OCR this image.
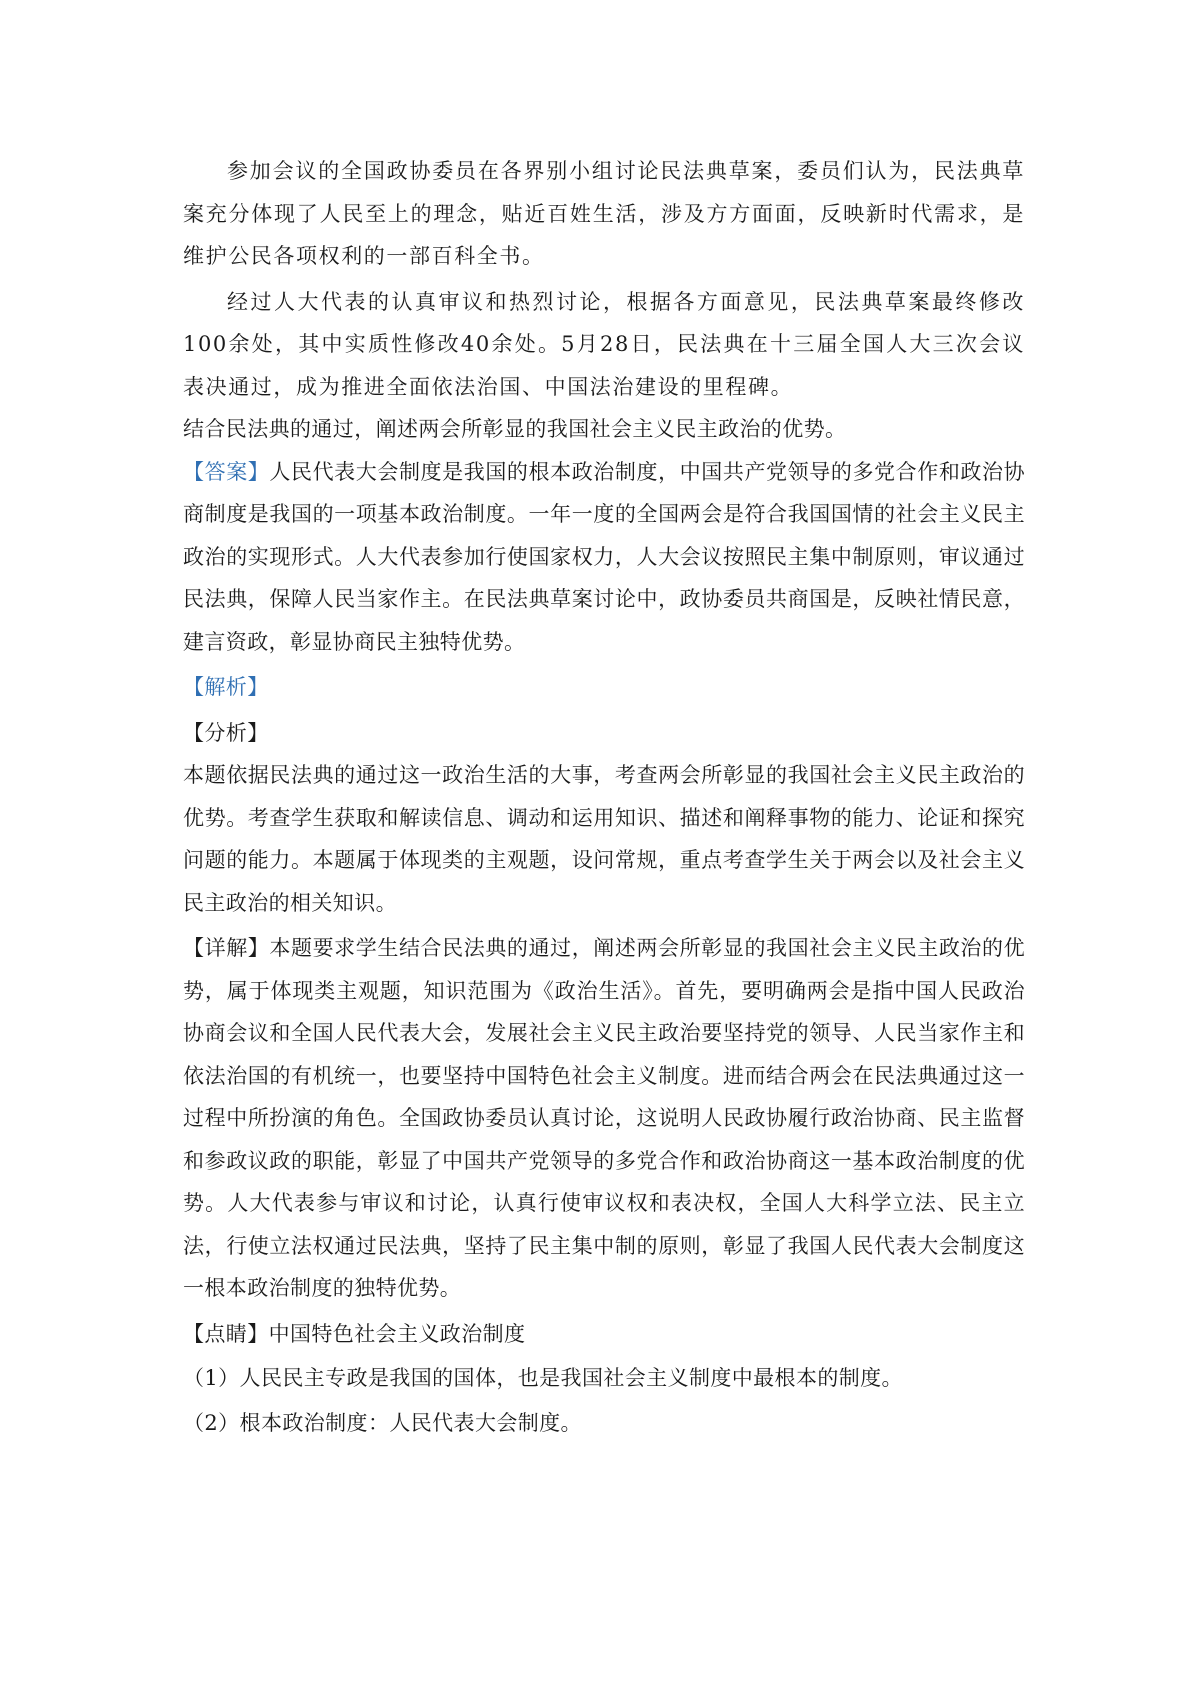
参加会议的全国政协委员在各界别小组讨论民法典草案，委员们认为，民法典草案充分体现了人民至上的理念，贴近百姓生活，涉及方方面面，反映新时代需求，是维护公民各项权利的一部百科全书。

经过人大代表的认真审议和热烈讨论，根据各方面意见，民法典草案最终修改100余处，其中实质性修改40余处。5月28日，民法典在十三届全国人大三次会议表决通过，成为推进全面依法治国、中国法治建设的里程碑。

结合民法典的通过，阐述两会所彰显的我国社会主义民主政治的优势。

【答案】人民代表大会制度是我国的根本政治制度，中国共产党领导的多党合作和政治协商制度是我国的一项基本政治制度。一年一度的全国两会是符合我国国情的社会主义民主政治的实现形式。人大代表参加行使国家权力，人大会议按照民主集中制原则，审议通过民法典，保障人民当家作主。在民法典草案讨论中，政协委员共商国是，反映社情民意，建言资政，彰显协商民主独特优势。

【解析】

【分析】

本题依据民法典的通过这一政治生活的大事，考查两会所彰显的我国社会主义民主政治的优势。考查学生获取和解读信息、调动和运用知识、描述和阐释事物的能力、论证和探究问题的能力。本题属于体现类的主观题，设问常规，重点考查学生关于两会以及社会主义民主政治的相关知识。

【详解】本题要求学生结合民法典的通过，阐述两会所彰显的我国社会主义民主政治的优势，属于体现类主观题，知识范围为《政治生活》。首先，要明确两会是指中国人民政治协商会议和全国人民代表大会，发展社会主义民主政治要坚持党的领导、人民当家作主和依法治国的有机统一，也要坚持中国特色社会主义制度。进而结合两会在民法典通过这一过程中所扮演的角色。全国政协委员认真讨论，这说明人民政协履行政治协商、民主监督和参政议政的职能，彰显了中国共产党领导的多党合作和政治协商这一基本政治制度的优势。人大代表参与审议和讨论，认真行使审议权和表决权，全国人大科学立法、民主立法，行使立法权通过民法典，坚持了民主集中制的原则，彰显了我国人民代表大会制度这一根本政治制度的独特优势。

【点睛】中国特色社会主义政治制度

（1）人民民主专政是我国的国体，也是我国社会主义制度中最根本的制度。

（2）根本政治制度：人民代表大会制度。
